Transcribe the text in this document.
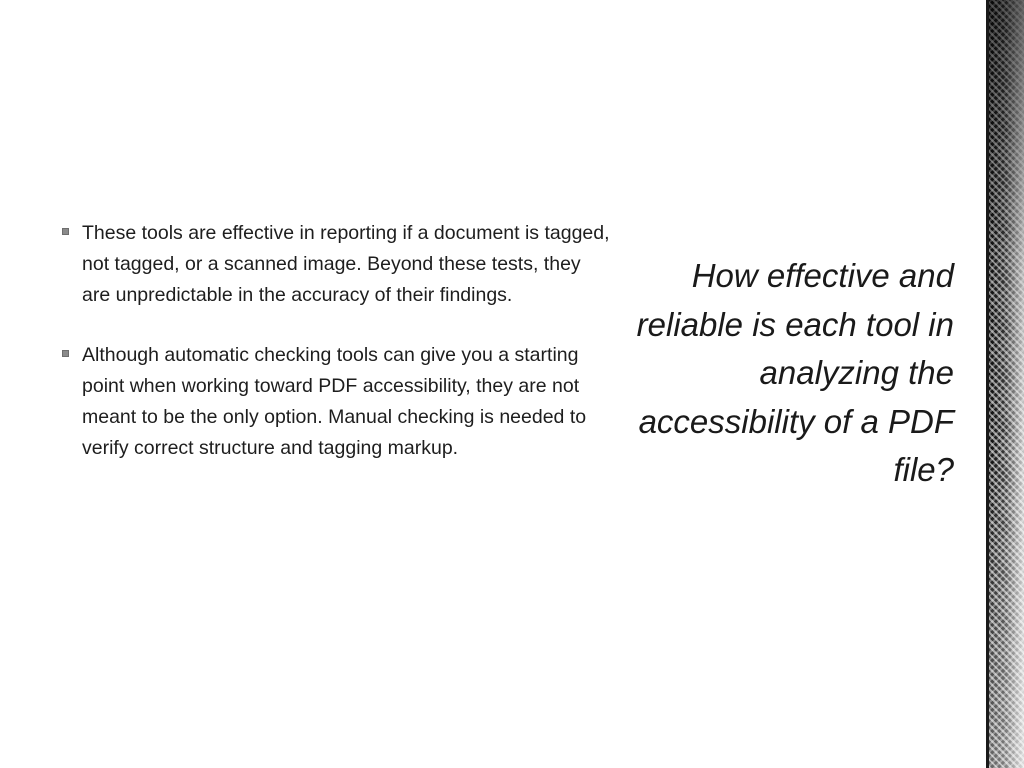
These tools are effective in reporting if a document is tagged, not tagged, or a scanned image. Beyond these tests, they are unpredictable in the accuracy of their findings.
Although automatic checking tools can give you a starting point when working toward PDF accessibility, they are not meant to be the only option. Manual checking is needed to verify correct structure and tagging markup.
How effective and reliable is each tool in analyzing the accessibility of a PDF file?
